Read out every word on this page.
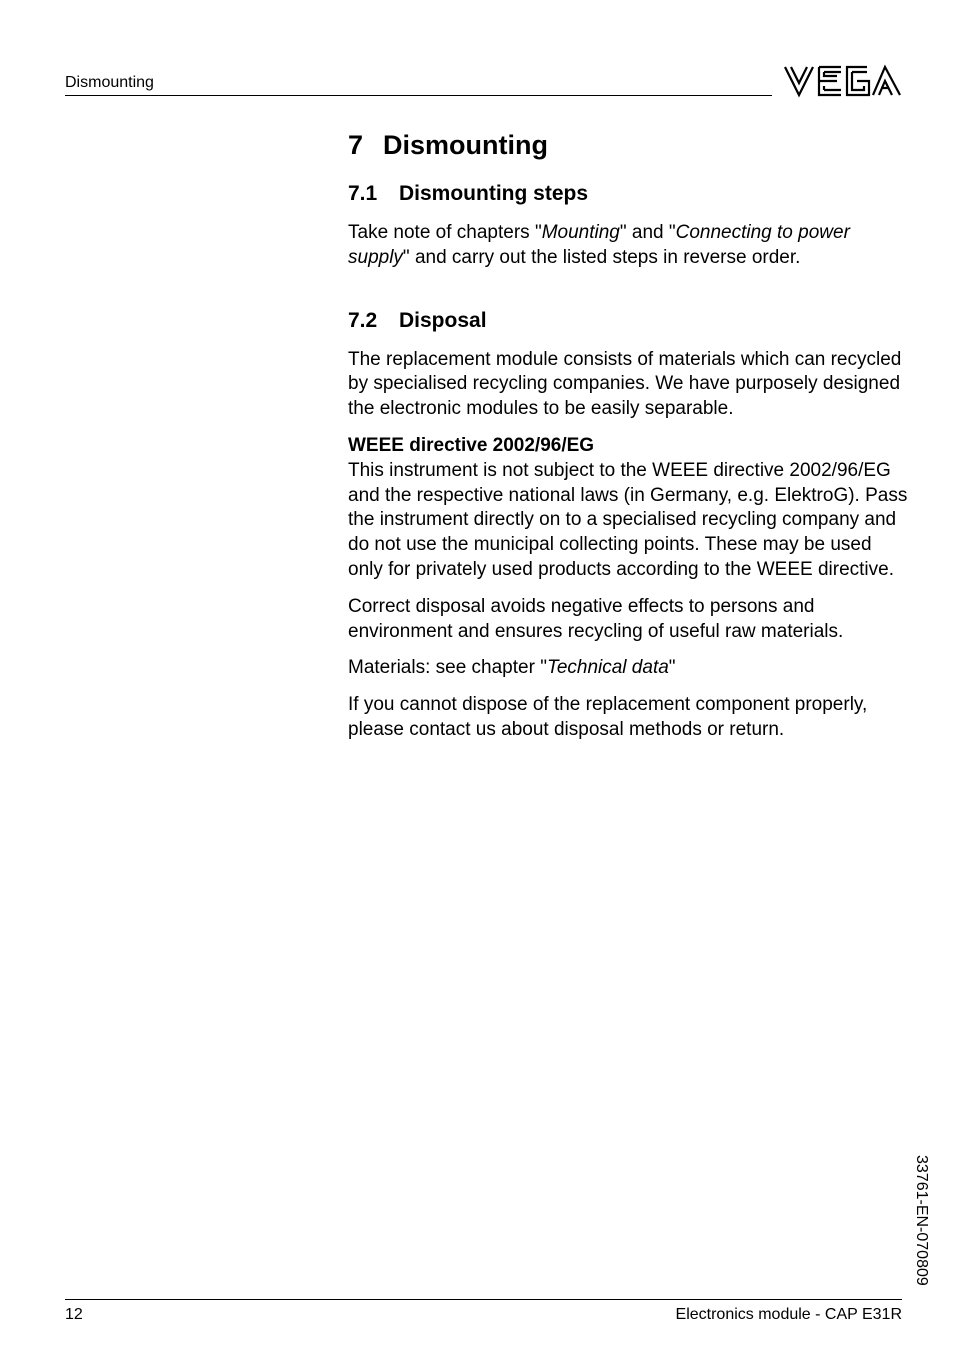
Dismounting
7 Dismounting
7.1 Dismounting steps

Take note of chapters "Mounting" and "Connecting to power supply" and carry out the listed steps in reverse order.

7.2 Disposal

The replacement module consists of materials which can recycled by specialised recycling companies. We have purposely designed the electronic modules to be easily separable.

WEEE directive 2002/96/EG
This instrument is not subject to the WEEE directive 2002/96/EG and the respective national laws (in Germany, e.g. ElektroG). Pass the instrument directly on to a specialised recycling company and do not use the municipal collecting points. These may be used only for privately used products according to the WEEE directive.

Correct disposal avoids negative effects to persons and environment and ensures recycling of useful raw materials.

Materials: see chapter "Technical data"

If you cannot dispose of the replacement component properly, please contact us about disposal methods or return.

33761-EN-070809
12	Electronics module - CAP E31R
